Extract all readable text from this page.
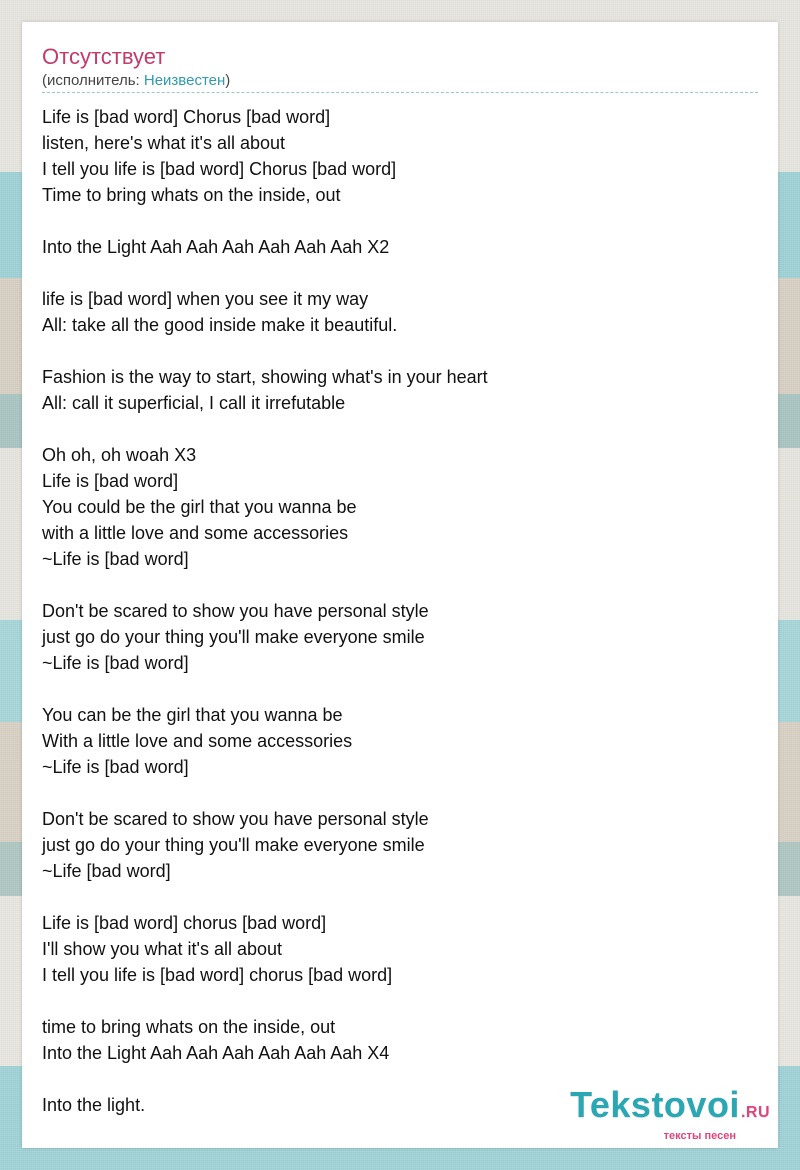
Отсутствует
(исполнитель: Неизвестен)
Life is [bad word] Chorus [bad word]
listen, here's what it's all about
I tell you life is [bad word] Chorus [bad word]
Time to bring whats on the inside, out
Into the Light Aah Aah Aah Aah Aah Aah X2
life is [bad word] when you see it my way
All: take all the good inside make it beautiful.
Fashion is the way to start, showing what's in your heart
All: call it superficial, I call it irrefutable
Oh oh, oh woah X3
Life is [bad word]
You could be the girl that you wanna be
with a little love and some accessories
~Life is [bad word]
Don't be scared to show you have personal style
just go do your thing you'll make everyone smile
~Life is [bad word]
You can be the girl that you wanna be
With a little love and some accessories
~Life is [bad word]
Don't be scared to show you have personal style
just go do your thing you'll make everyone smile
~Life [bad word]
Life is [bad word] chorus [bad word]
I'll show you what it's all about
I tell you life is [bad word] chorus [bad word]
time to bring whats on the inside, out
Into the Light Aah Aah Aah Aah Aah Aah X4
Into the light.	Tekstovoi.RU
тексты песен
